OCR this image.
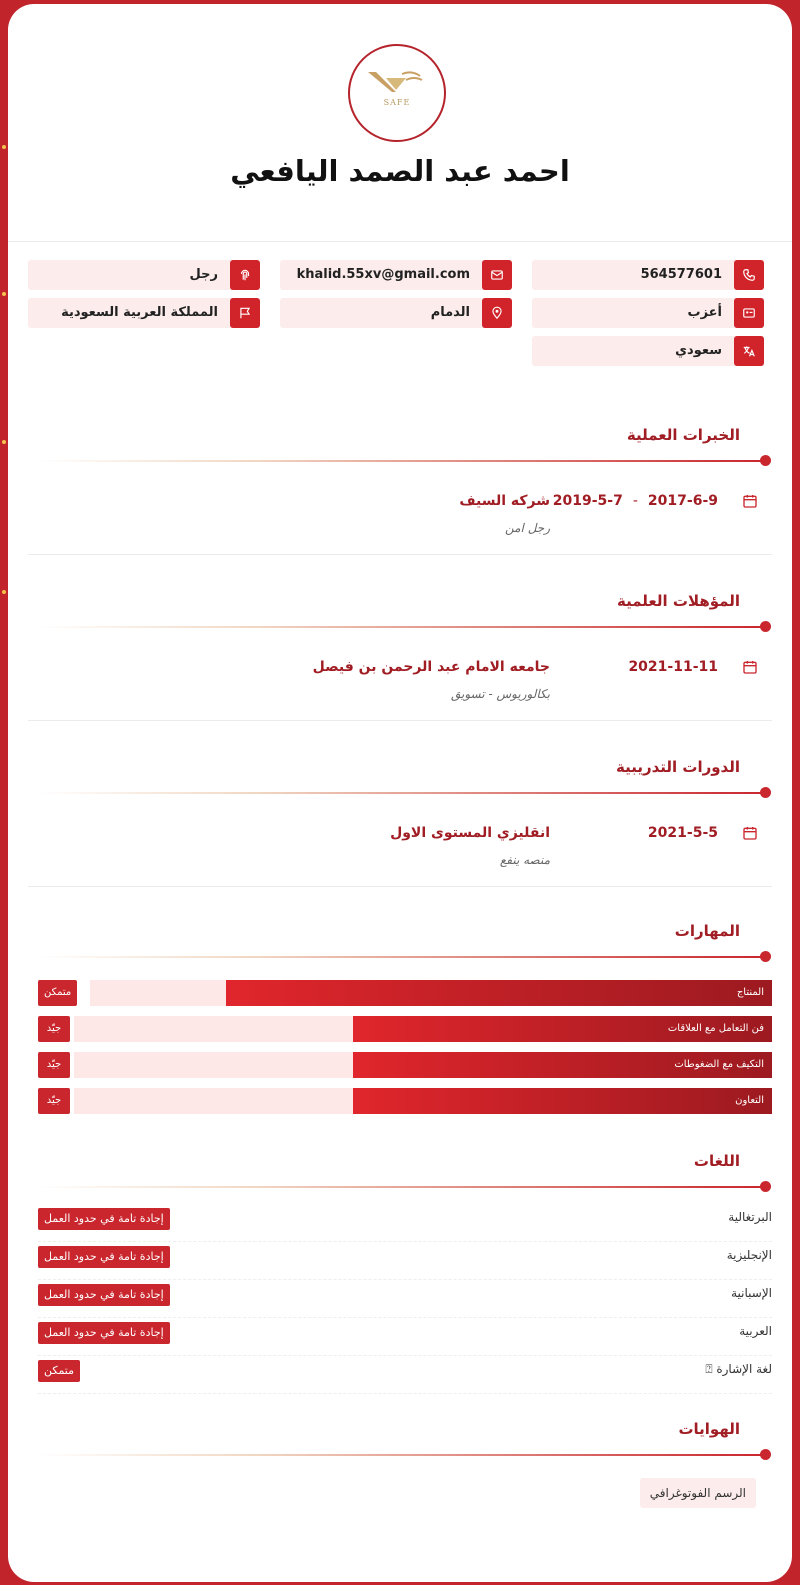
SAFE
احمد عبد الصمد اليافعي
564577601
أعزب
سعودي
khalid.55xv@gmail.com
الدمام
رجل
المملكة العربية السعودية
الخبرات العملية
2019-5-7 - 2017-6-9
شركه السيف
رجل امن
المؤهلات العلمية
2021-11-11
جامعه الامام عبد الرحمن بن فيصل
بكالوريوس - تسويق
الدورات التدريبية
2021-5-5
انقليزي المستوى الاول
منصه ينفع
المهارات
متمكن	المنتاج
جيّد	فن التعامل مع العلاقات
جيّد	التكيف مع الضغوطات
جيّد	التعاون
اللغات
إجادة تامة في حدود العمل	البرتغالية
إجادة تامة في حدود العمل	الإنجليزية
إجادة تامة في حدود العمل	الإسبانية
إجادة تامة في حدود العمل	العربية
متمكن	لغة الإشارة ⍰
الهوايات
الرسم الفوتوغرافي
